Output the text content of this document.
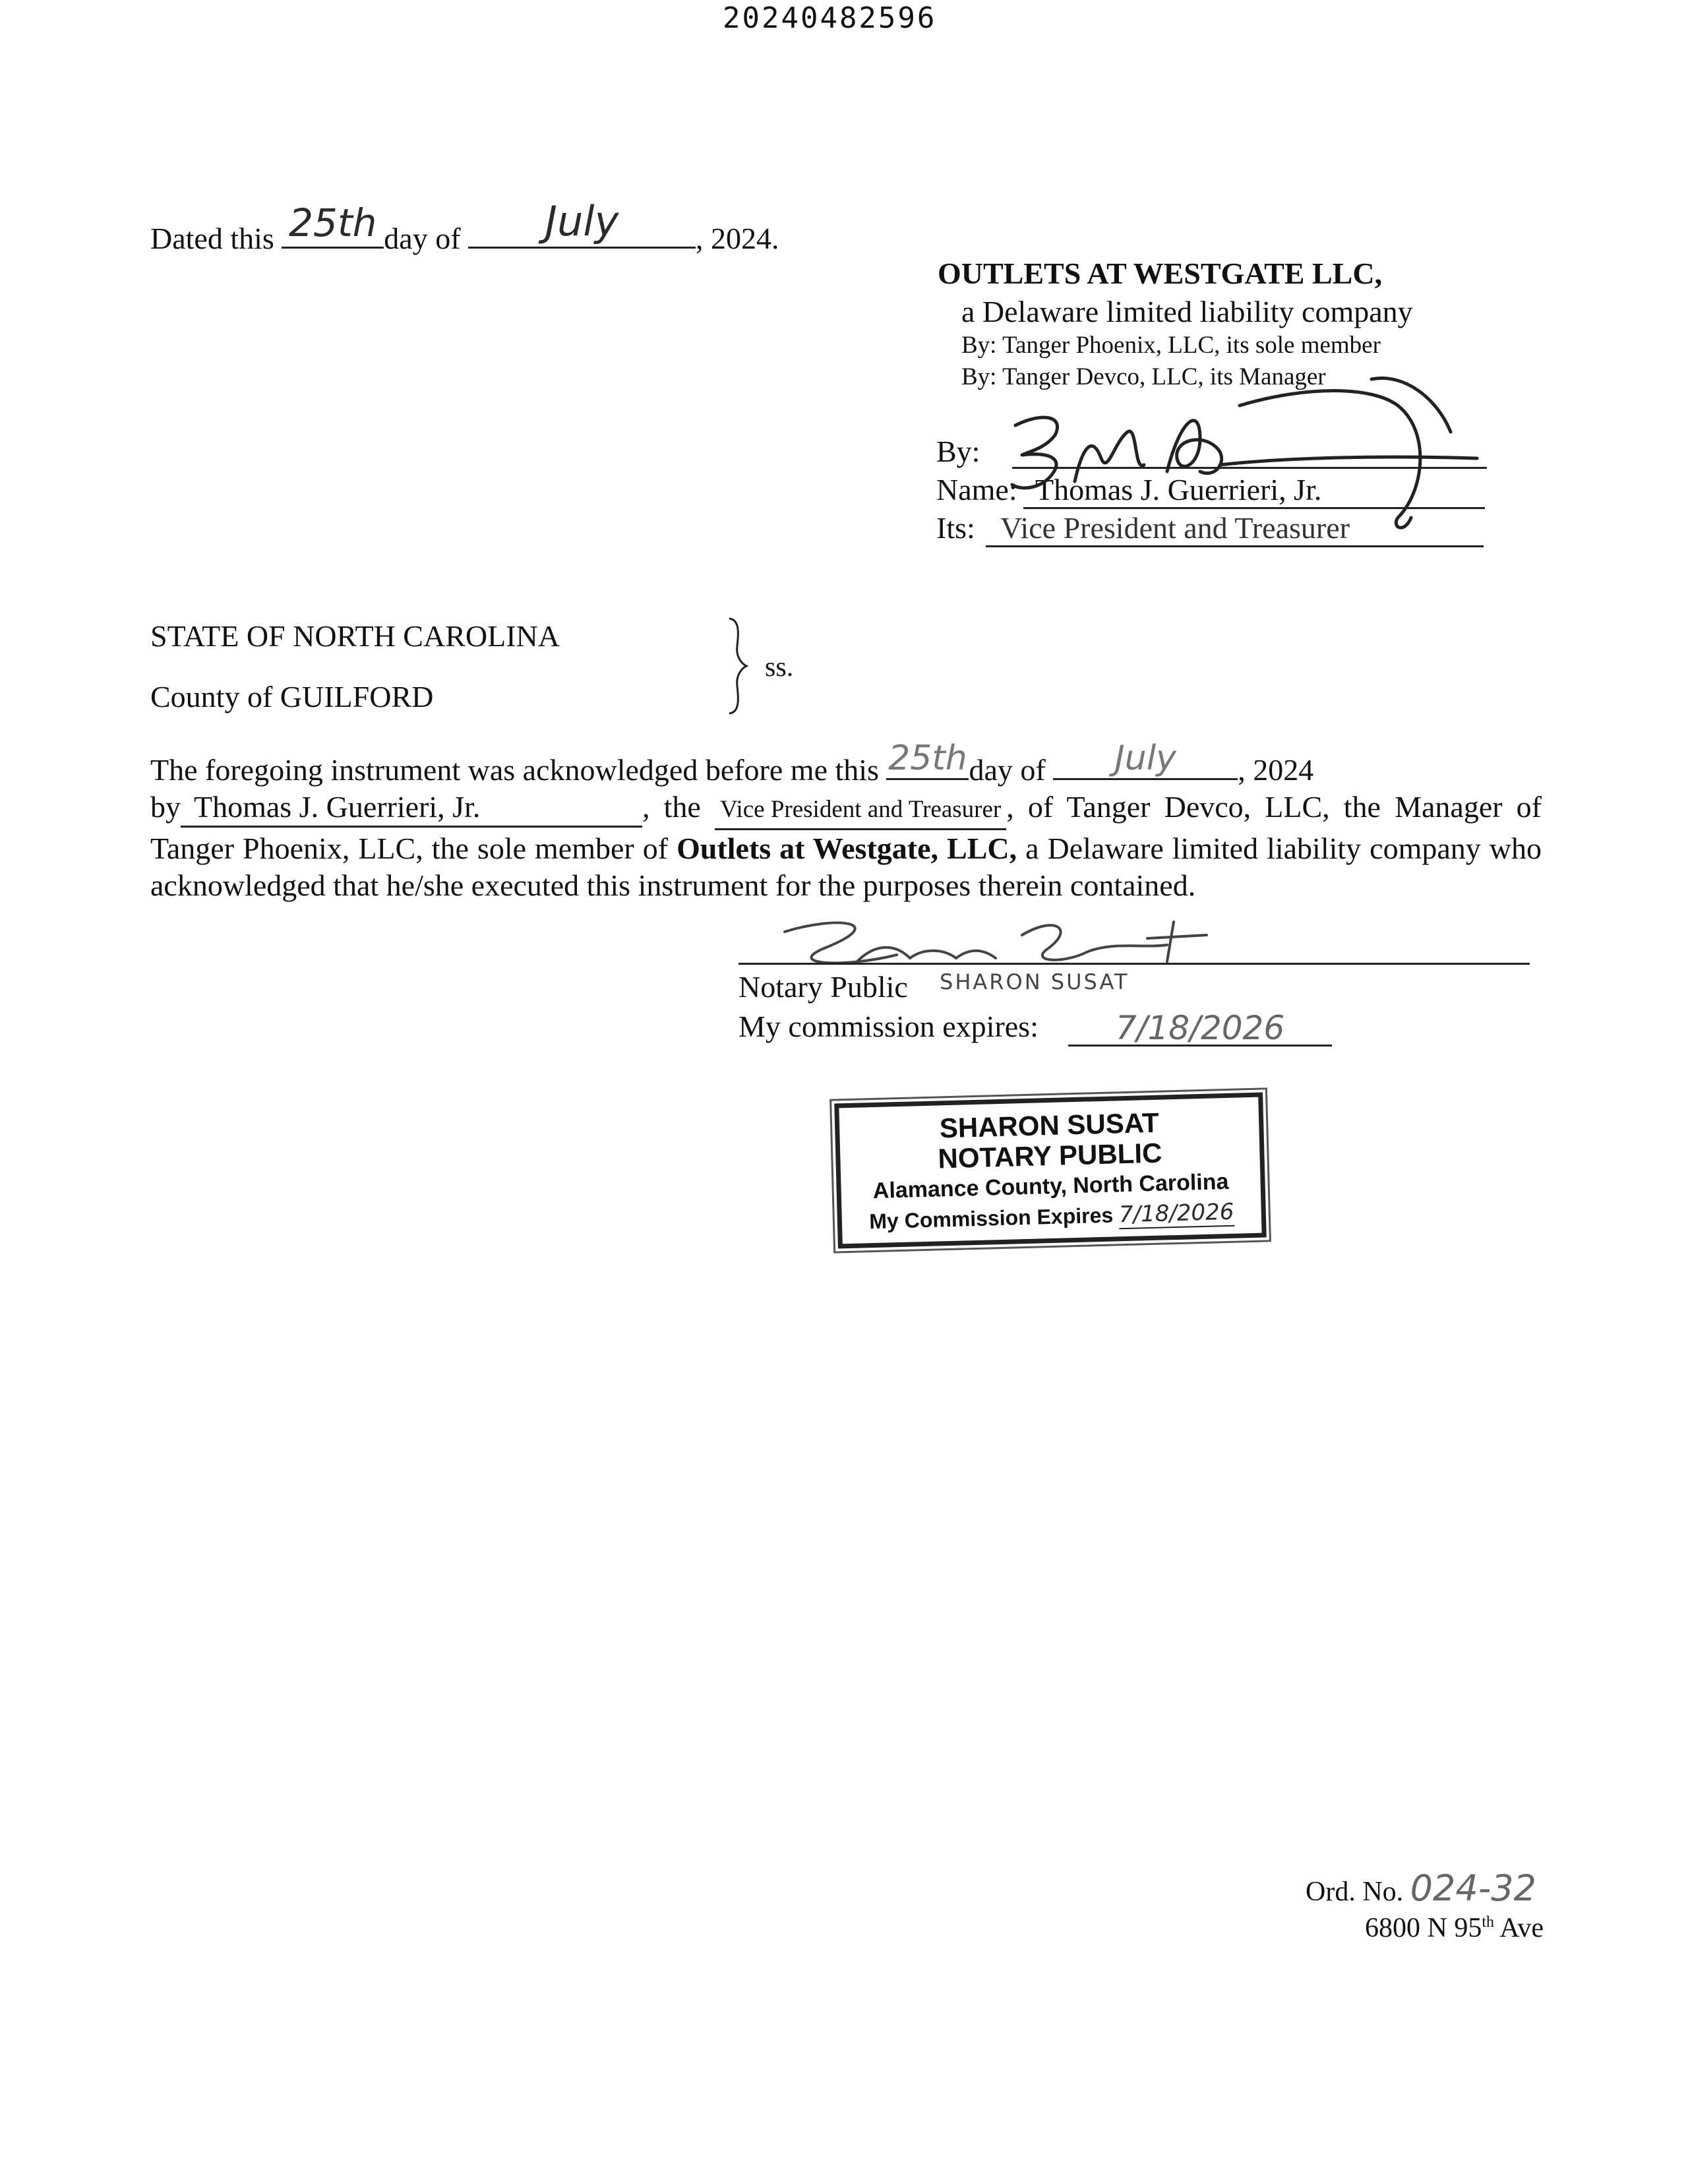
20240482596
Dated this 25th day of	July	, 2024.
OUTLETS AT WESTGATE LLC,
a Delaware limited liability company
By: Tanger Phoenix, LLC, its sole member
By: Tanger Devco, LLC, its Manager
By:
Name: Thomas J. Guerrieri, Jr.
Its: Vice President and Treasurer
STATE OF NORTH CAROLINA
County of GUILFORD
ss.
The foregoing instrument was acknowledged before me this 25th day of	July	, 2024
by Thomas J. Guerrieri, Jr.	, the Vice President and Treasurer , of Tanger Devco, LLC, the Manager of Tanger Phoenix, LLC, the sole member of Outlets at Westgate, LLC, a Delaware limited liability company who acknowledged that he/she executed this instrument for the purposes therein contained.
Notary Public SHARON SUSAT
My commission expires:	7/18/2026
SHARON SUSAT
NOTARY PUBLIC
Alamance County, North Carolina
My Commission Expires 7/18/2026
Ord. No. 024-32
6800 N 95th Ave
